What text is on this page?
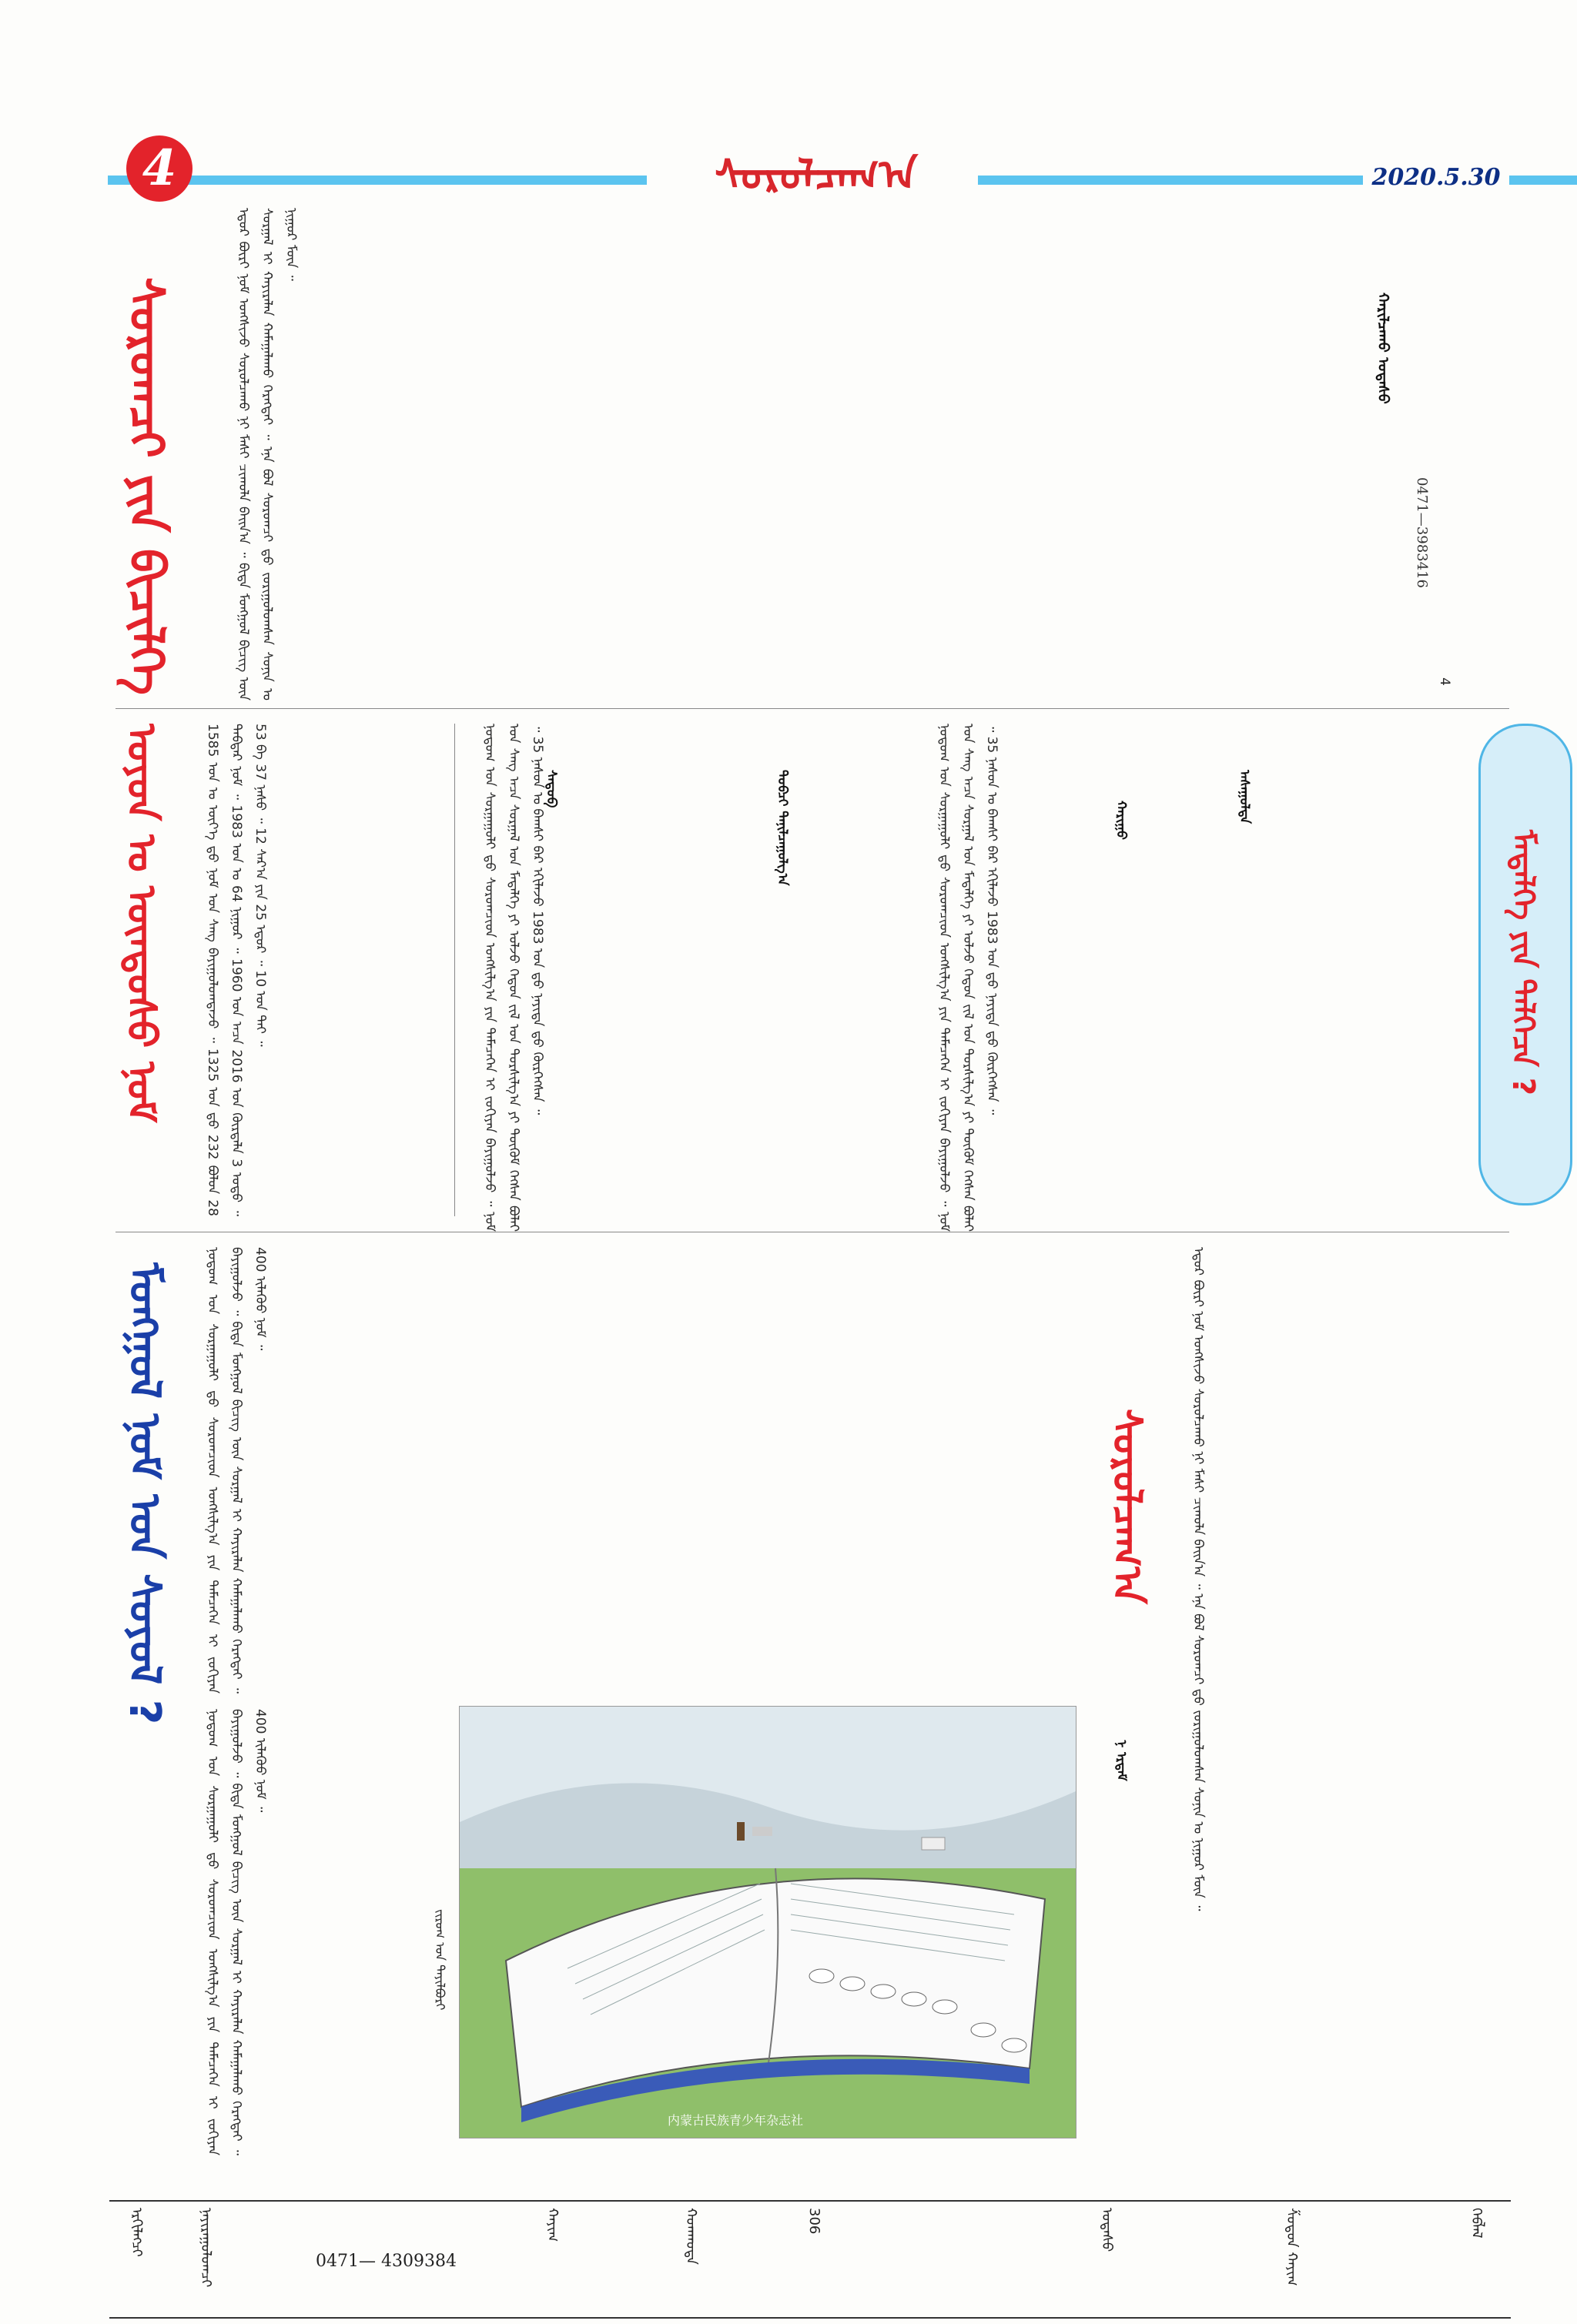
4	ᠰᠤᠷᠤᠯᠴᠠᠭ᠎ᠠ	2020.5.30
ᠰᠤᠷᠤᠭᠴᠢ ᠶᠢᠨ ᠪᠢᠴᠢᠯᠭᠡ	ᠡᠳᠦᠷ ᠪᠦᠷᠢ ᠨᠣᠮ ᠤᠩᠰᠢᠵᠤ ᠰᠤᠷᠤᠯᠴᠠᠬᠤ ᠨᠢ ᠮᠠᠰᠢ ᠴᠢᠬᠤᠯᠠ ᠪᠠᠢᠨ᠎ᠠ ᠃ ᠪᠢᠳᠡ ᠮᠣᠩᠭᠣᠯ ᠪᠢᠴᠢᠭ ᠦᠨ ᠰᠤᠷᠭᠠᠯ ᠢ ᠬᠠᠶᠢᠷᠠᠯᠠᠨ ᠬᠠᠮᠠᠭᠠᠯᠠᠬᠤ ᠬᠡᠷᠡᠭᠲᠡᠢ ᠃ ᠡᠨᠡ ᠪᠣᠯ ᠰᠤᠷᠤᠭᠴᠢ ᠳ᠋ᠤ ᠵᠣᠷᠢᠭᠤᠯᠤᠭᠰᠠᠨ ᠰᠣᠨᠢᠨ ᠤ ᠨᠢᠭᠤᠷ ᠮᠥᠨ ᠃

ᠬᠠᠷᠢᠯᠴᠠᠬᠤ ᠤᠲᠠᠰᠤ
0471—3983416
4
ᠮᠡᠳᠡᠯᠭᠡ ᠶᠢᠨ ᠳᠡᠯᠭᠡᠴᠡ ?

ᠨᠤᠲᠤᠭ ᠤᠨ ᠰᠤᠷᠭᠠᠭᠤᠯᠢ ᠳ᠋ᠤ ᠰᠤᠷᠤᠭᠴᠢᠳ ᠤᠩᠰᠢᠯᠭ᠎ᠠ ᠶᠢᠨ ᠲᠡᠮᠡᠴᠡᠭᠡᠨ ᠢ ᠵᠣᠬᠢᠶᠠᠨ ᠪᠠᠶᠢᠭᠤᠯᠵᠤ ᠃ ᠨᠣᠮ ᠤᠨ ᠰᠠᠩ ᠠᠴᠠ ᠰᠤᠷᠭᠠᠯ ᠤᠨ ᠮᠡᠳᠡᠯᠭᠡ ᠶᠢ ᠣᠯᠵᠤ ᠬᠡᠳᠦᠨ ᠵᠢᠯ ᠤᠨ ᠲᠤᠷᠰᠢᠯᠭ᠎ᠠ ᠶᠢ ᠳᠦᠭᠦᠮ ᠬᠡᠭᠰᠡᠨ ᠪᠣᠯᠠᠢ ᠃ 35 ᠨᠠᠰᠤᠨ ᠤ ᠪᠠᠭᠰᠢ ᠪᠠᠷ ᠡᠬᠢᠯᠡᠵᠦ 1983 ᠣᠨ ᠳ᠋ᠤ ᠨᠡᠶᠢᠲᠡ ᠳ᠋ᠦ ᠬᠦᠷᠭᠡᠭᠰᠡᠨ ᠃	ᠠᠰᠠᠭᠤᠯᠲᠠ
ᠬᠠᠷᠢᠭᠤ
ᠲᠣᠪᠴᠢ ᠲᠠᠨᠢᠯᠴᠠᠭᠤᠯᠭ᠎ᠠ
ᠰᠡᠳᠦᠪ

ᠨᠤᠲᠤᠭ ᠤᠨ ᠰᠤᠷᠭᠠᠭᠤᠯᠢ ᠳ᠋ᠤ ᠰᠤᠷᠤᠭᠴᠢᠳ ᠤᠩᠰᠢᠯᠭ᠎ᠠ ᠶᠢᠨ ᠲᠡᠮᠡᠴᠡᠭᠡᠨ ᠢ ᠵᠣᠬᠢᠶᠠᠨ ᠪᠠᠶᠢᠭᠤᠯᠵᠤ ᠃ ᠨᠣᠮ ᠤᠨ ᠰᠠᠩ ᠠᠴᠠ ᠰᠤᠷᠭᠠᠯ ᠤᠨ ᠮᠡᠳᠡᠯᠭᠡ ᠶᠢ ᠣᠯᠵᠤ ᠬᠡᠳᠦᠨ ᠵᠢᠯ ᠤᠨ ᠲᠤᠷᠰᠢᠯᠭ᠎ᠠ ᠶᠢ ᠳᠦᠭᠦᠮ ᠬᠡᠭᠰᠡᠨ ᠪᠣᠯᠠᠢ ᠃ 35 ᠨᠠᠰᠤᠨ ᠤ ᠪᠠᠭᠰᠢ ᠪᠠᠷ ᠡᠬᠢᠯᠡᠵᠦ 1983 ᠣᠨ ᠳ᠋ᠤ ᠨᠡᠶᠢᠲᠡ ᠳ᠋ᠦ ᠬᠦᠷᠭᠡᠭᠰᠡᠨ ᠃

ᠣᠶᠤᠨ ᠤ ᠦᠨᠳᠦᠰᠦ ᠨᠣᠮ	1585 ᠣᠨ ᠤ ᠦᠶ᠎ᠡ ᠳ᠋ᠦ ᠨᠣᠮ ᠤᠨ ᠰᠠᠩ ᠪᠠᠶᠢᠭᠤᠯᠤᠭᠳᠠᠵᠤ ᠃ 1325 ᠣᠨ ᠳ᠋ᠤ 232 ᠪᠣᠯᠤᠨ 28 ᠳᠡᠪᠲᠡᠷ ᠨᠣᠮ ᠃ 1983 ᠣᠨ ᠤ 64 ᠨᠢᠭᠤᠷ ᠃ 1960 ᠣᠨ ᠠᠴᠠ 2016 ᠣᠨ ᠬᠦᠷᠲᠡᠯᠡ 3 ᠣᠳᠤ ᠃ 53 ᠪᠠ 37 ᠨᠠᠰᠤ ᠃ 12 ᠰᠠᠷ᠎ᠠ ᠶᠢᠨ 25 ᠡᠳᠦᠷ ᠃ 10 ᠣᠨ ᠲᠠᠢ ᠃

ᠮᠣᠩᠭᠣᠯ ᠨᠣᠮ ᠤᠨ ᠰᠣᠶᠤᠯ ?	ᠨᠤᠲᠤᠭ ᠤᠨ ᠰᠤᠷᠭᠠᠭᠤᠯᠢ ᠳ᠋ᠤ ᠰᠤᠷᠤᠭᠴᠢᠳ ᠤᠩᠰᠢᠯᠭ᠎ᠠ ᠶᠢᠨ ᠲᠡᠮᠡᠴᠡᠭᠡᠨ ᠢ ᠵᠣᠬᠢᠶᠠᠨ ᠪᠠᠶᠢᠭᠤᠯᠵᠤ ᠃ ᠪᠢᠳᠡ ᠮᠣᠩᠭᠣᠯ ᠪᠢᠴᠢᠭ ᠦᠨ ᠰᠤᠷᠭᠠᠯ ᠢ ᠬᠠᠶᠢᠷᠠᠯᠠᠨ ᠬᠠᠮᠠᠭᠠᠯᠠᠬᠤ ᠬᠡᠷᠡᠭᠲᠡᠢ ᠃ 400 ᠢᠯᠡᠭᠦᠦ ᠨᠣᠮ ᠃

ᠰᠤᠷᠤᠯᠴᠠᠭ᠎ᠠ
ᠨ ᠡᠷᠳᠡᠮ	ᠡᠳᠦᠷ ᠪᠦᠷᠢ ᠨᠣᠮ ᠤᠩᠰᠢᠵᠤ ᠰᠤᠷᠤᠯᠴᠠᠬᠤ ᠨᠢ ᠮᠠᠰᠢ ᠴᠢᠬᠤᠯᠠ ᠪᠠᠢᠨ᠎ᠠ ᠃ ᠡᠨᠡ ᠪᠣᠯ ᠰᠤᠷᠤᠭᠴᠢ ᠳ᠋ᠤ ᠵᠣᠷᠢᠭᠤᠯᠤᠭᠰᠠᠨ ᠰᠣᠨᠢᠨ ᠤ ᠨᠢᠭᠤᠷ ᠮᠥᠨ ᠃

ᠨᠤᠲᠤᠭ ᠤᠨ ᠰᠤᠷᠭᠠᠭᠤᠯᠢ ᠳ᠋ᠤ ᠰᠤᠷᠤᠭᠴᠢᠳ ᠤᠩᠰᠢᠯᠭ᠎ᠠ ᠶᠢᠨ ᠲᠡᠮᠡᠴᠡᠭᠡᠨ ᠢ ᠵᠣᠬᠢᠶᠠᠨ ᠪᠠᠶᠢᠭᠤᠯᠵᠤ ᠃ ᠪᠢᠳᠡ ᠮᠣᠩᠭᠣᠯ ᠪᠢᠴᠢᠭ ᠦᠨ ᠰᠤᠷᠭᠠᠯ ᠢ ᠬᠠᠶᠢᠷᠠᠯᠠᠨ ᠬᠠᠮᠠᠭᠠᠯᠠᠬᠤ ᠬᠡᠷᠡᠭᠲᠡᠢ ᠃ 400 ᠢᠯᠡᠭᠦᠦ ᠨᠣᠮ ᠃

内蒙古民族青少年杂志社
ᠵᠢᠷᠤᠭ ᠤᠨ ᠲᠠᠶᠢᠯᠪᠤᠷᠢ
ᠡᠷᠬᠢᠯᠡᠭᠴᠢ	ᠨᠠᠶᠢᠷᠠᠭᠤᠯᠤᠭᠴᠢ	ᠬᠠᠶᠢᠭ	ᠬᠣᠬᠬᠣᠲᠠ	306	ᠤᠲᠠᠰᠤ	ᠱᠤᠳᠤᠨ ᠬᠠᠶᠢᠭ	ᠬᠡᠪᠯᠡᠯ
0471— 4309384
